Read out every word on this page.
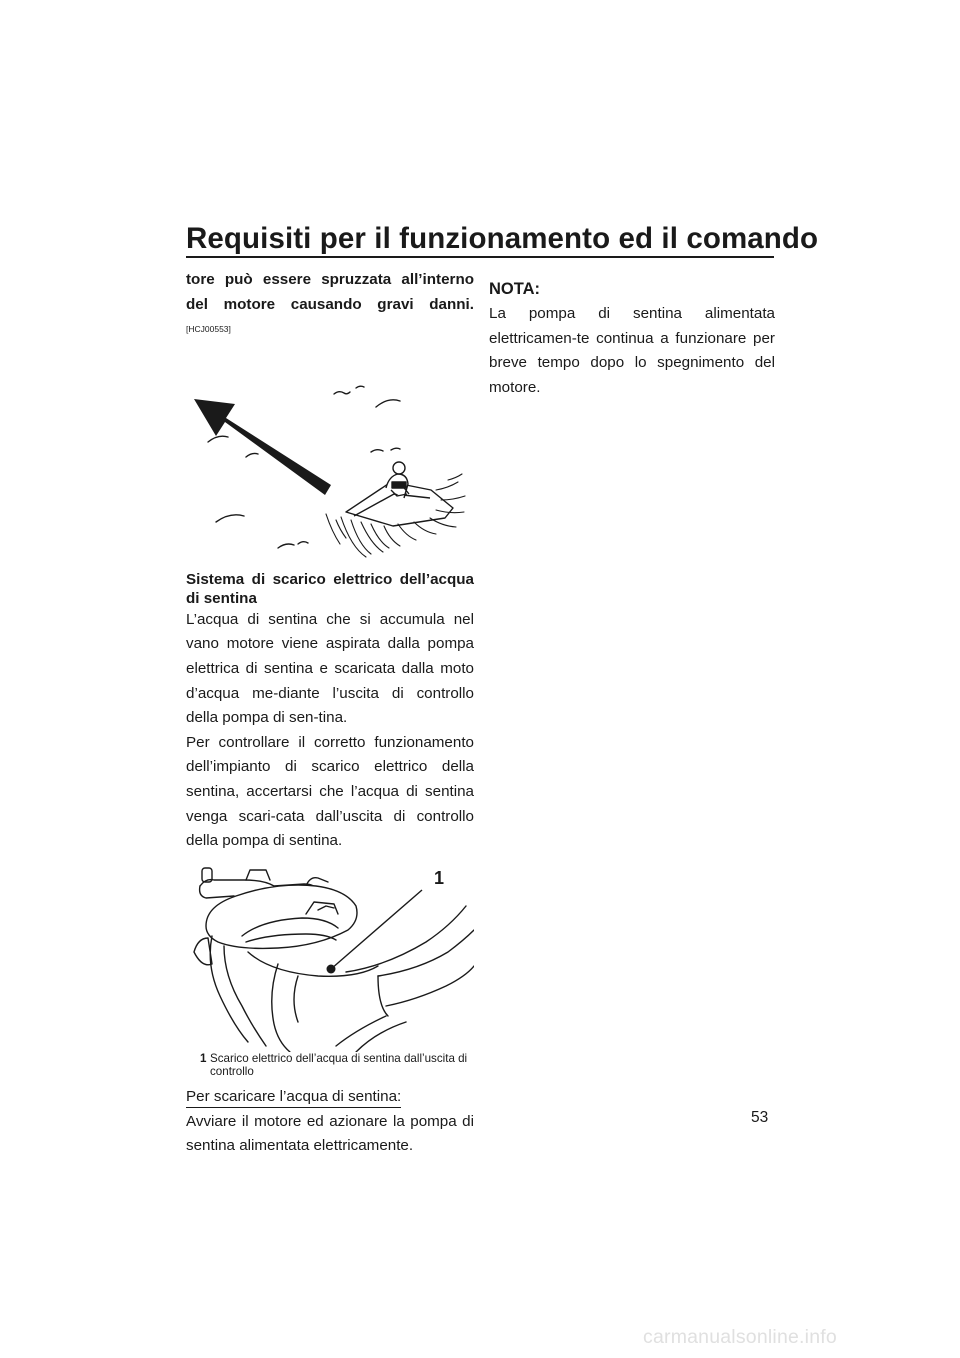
Requisiti per il funzionamento ed il comando

tore può essere spruzzata all’interno del motore causando gravi danni. [HCJ00553]

Sistema di scarico elettrico dell’acqua di sentina

L’acqua di sentina che si accumula nel vano motore viene aspirata dalla pompa elettrica di sentina e scaricata dalla moto d’acqua me-diante l’uscita di controllo della pompa di sen-tina.

Per controllare il corretto funzionamento dell’impianto di scarico elettrico della sentina, accertarsi che l’acqua di sentina venga scari-cata dall’uscita di controllo della pompa di sentina.

1
1 Scarico elettrico dell’acqua di sentina dall’uscita di controllo
Per scaricare l’acqua di sentina:

Avviare il motore ed azionare la pompa di sentina alimentata elettricamente.

NOTA:

La pompa di sentina alimentata elettricamen-te continua a funzionare per breve tempo dopo lo spegnimento del motore.

53
carmanualsonline.info
